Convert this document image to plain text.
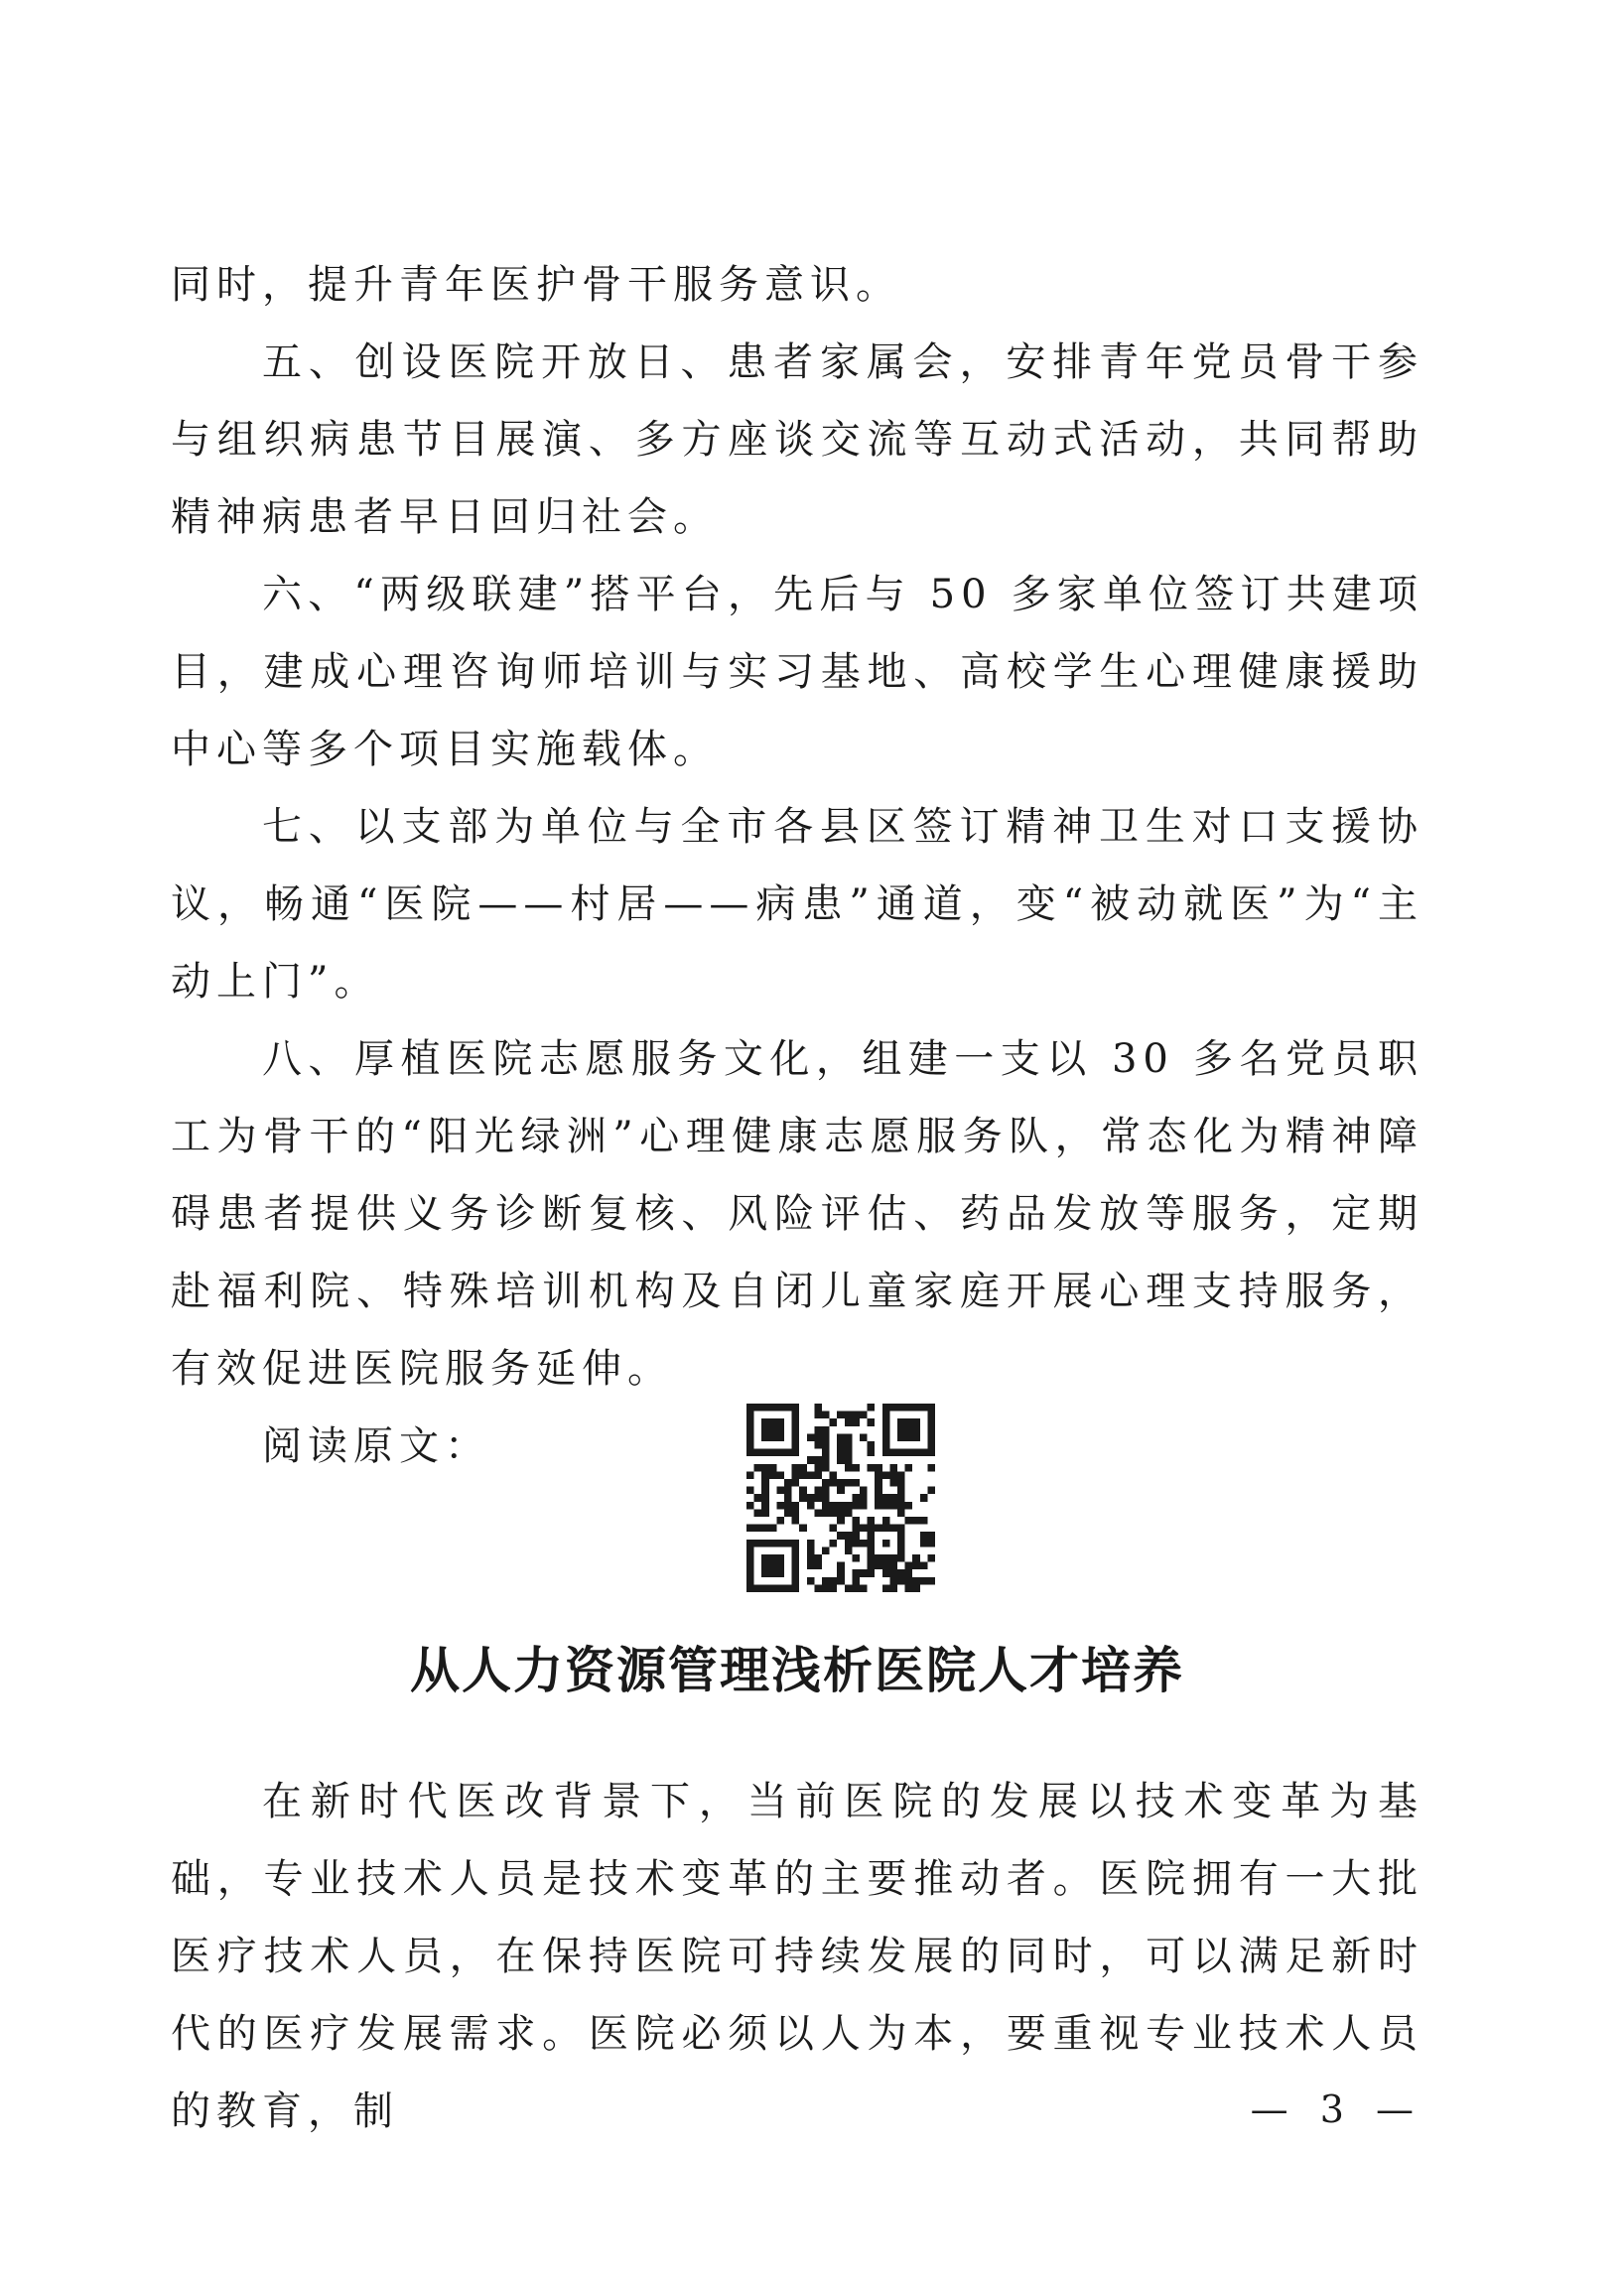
同时，提升青年医护骨干服务意识。

五、创设医院开放日、患者家属会，安排青年党员骨干参与组织病患节目展演、多方座谈交流等互动式活动，共同帮助精神病患者早日回归社会。

六、“两级联建”搭平台，先后与 50 多家单位签订共建项目，建成心理咨询师培训与实习基地、高校学生心理健康援助中心等多个项目实施载体。

七、以支部为单位与全市各县区签订精神卫生对口支援协议，畅通“医院——村居——病患”通道，变“被动就医”为“主动上门”。

八、厚植医院志愿服务文化，组建一支以 30 多名党员职工为骨干的“阳光绿洲”心理健康志愿服务队，常态化为精神障碍患者提供义务诊断复核、风险评估、药品发放等服务，定期赴福利院、特殊培训机构及自闭儿童家庭开展心理支持服务，有效促进医院服务延伸。

阅读原文：

从人力资源管理浅析医院人才培养

在新时代医改背景下，当前医院的发展以技术变革为基础，专业技术人员是技术变革的主要推动者。医院拥有一大批医疗技术人员，在保持医院可持续发展的同时，可以满足新时代的医疗发展需求。医院必须以人为本，要重视专业技术人员的教育，制	— 3 —
